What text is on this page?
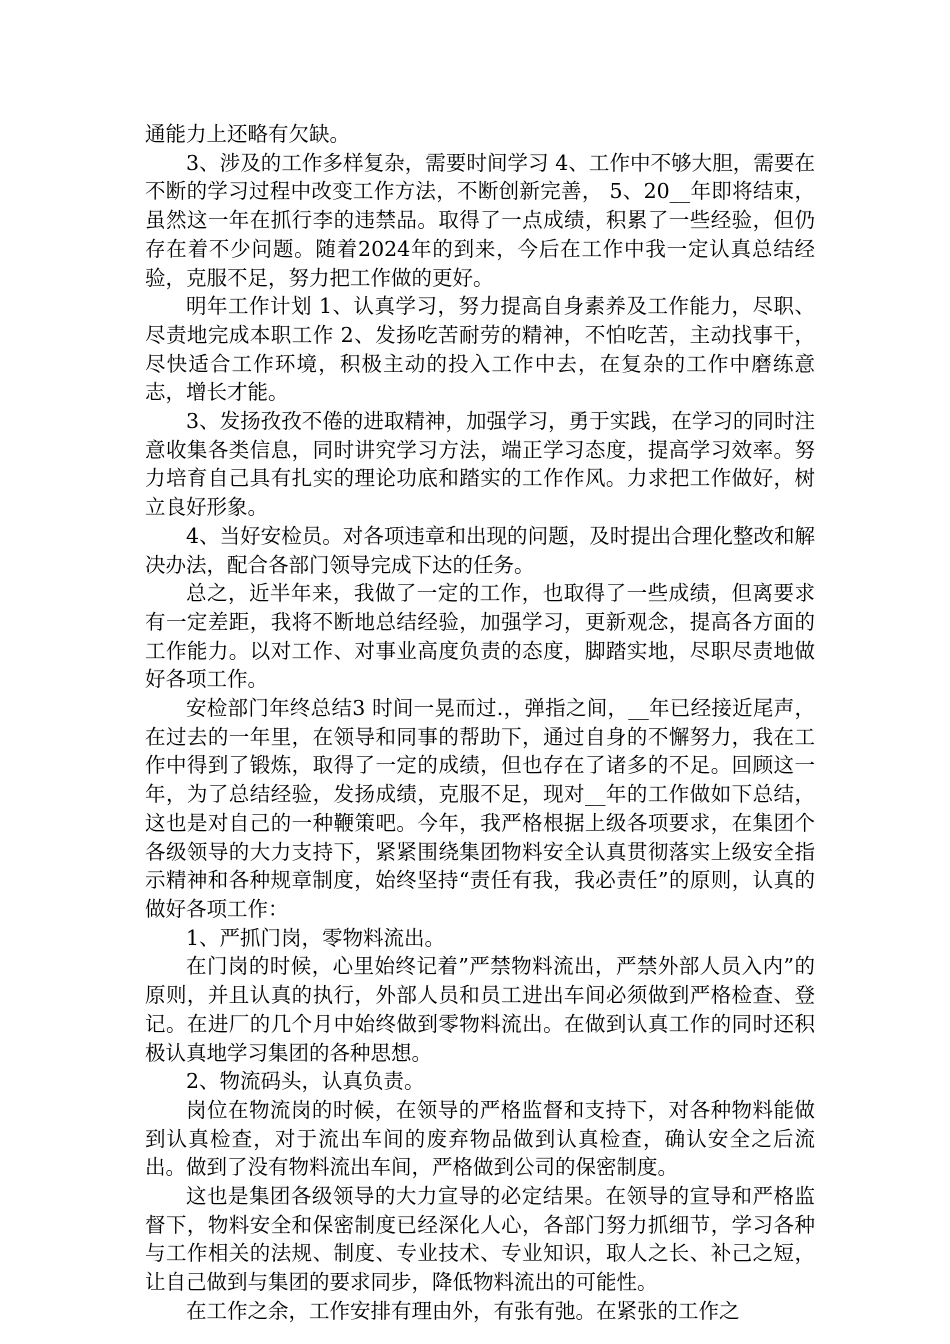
通能力上还略有欠缺。

3、涉及的工作多样复杂，需要时间学习 4、工作中不够大胆，需要在不断的学习过程中改变工作方法，不断创新完善， 5、20__年即将结束，虽然这一年在抓行李的违禁品。取得了一点成绩，积累了一些经验，但仍存在着不少问题。随着2024年的到来，今后在工作中我一定认真总结经验，克服不足，努力把工作做的更好。

明年工作计划 1、认真学习，努力提高自身素养及工作能力，尽职、尽责地完成本职工作 2、发扬吃苦耐劳的精神，不怕吃苦，主动找事干，尽快适合工作环境，积极主动的投入工作中去，在复杂的工作中磨练意志，增长才能。

3、发扬孜孜不倦的进取精神，加强学习，勇于实践，在学习的同时注意收集各类信息，同时讲究学习方法，端正学习态度，提高学习效率。努力培育自己具有扎实的理论功底和踏实的工作作风。力求把工作做好，树立良好形象。

4、当好安检员。对各项违章和出现的问题，及时提出合理化整改和解决办法，配合各部门领导完成下达的任务。

总之，近半年来，我做了一定的工作，也取得了一些成绩，但离要求有一定差距，我将不断地总结经验，加强学习，更新观念，提高各方面的工作能力。以对工作、对事业高度负责的态度，脚踏实地，尽职尽责地做好各项工作。

安检部门年终总结3 时间一晃而过.，弹指之间，__年已经接近尾声，在过去的一年里，在领导和同事的帮助下，通过自身的不懈努力，我在工作中得到了锻炼，取得了一定的成绩，但也存在了诸多的不足。回顾这一年，为了总结经验，发扬成绩，克服不足，现对__年的工作做如下总结，这也是对自己的一种鞭策吧。今年，我严格根据上级各项要求，在集团个各级领导的大力支持下，紧紧围绕集团物料安全认真贯彻落实上级安全指示精神和各种规章制度，始终坚持“责任有我，我必责任”的原则，认真的做好各项工作：

1、严抓门岗，零物料流出。

在门岗的时候，心里始终记着”严禁物料流出，严禁外部人员入内”的原则，并且认真的执行，外部人员和员工进出车间必须做到严格检查、登记。在进厂的几个月中始终做到零物料流出。在做到认真工作的同时还积极认真地学习集团的各种思想。

2、物流码头，认真负责。

岗位在物流岗的时候，在领导的严格监督和支持下，对各种物料能做到认真检查，对于流出车间的废弃物品做到认真检查，确认安全之后流出。做到了没有物料流出车间，严格做到公司的保密制度。

这也是集团各级领导的大力宣导的必定结果。在领导的宣导和严格监督下，物料安全和保密制度已经深化人心，各部门努力抓细节，学习各种与工作相关的法规、制度、专业技术、专业知识，取人之长、补己之短，让自己做到与集团的要求同步，降低物料流出的可能性。

在工作之余，工作安排有理由外，有张有弛。在紧张的工作之
